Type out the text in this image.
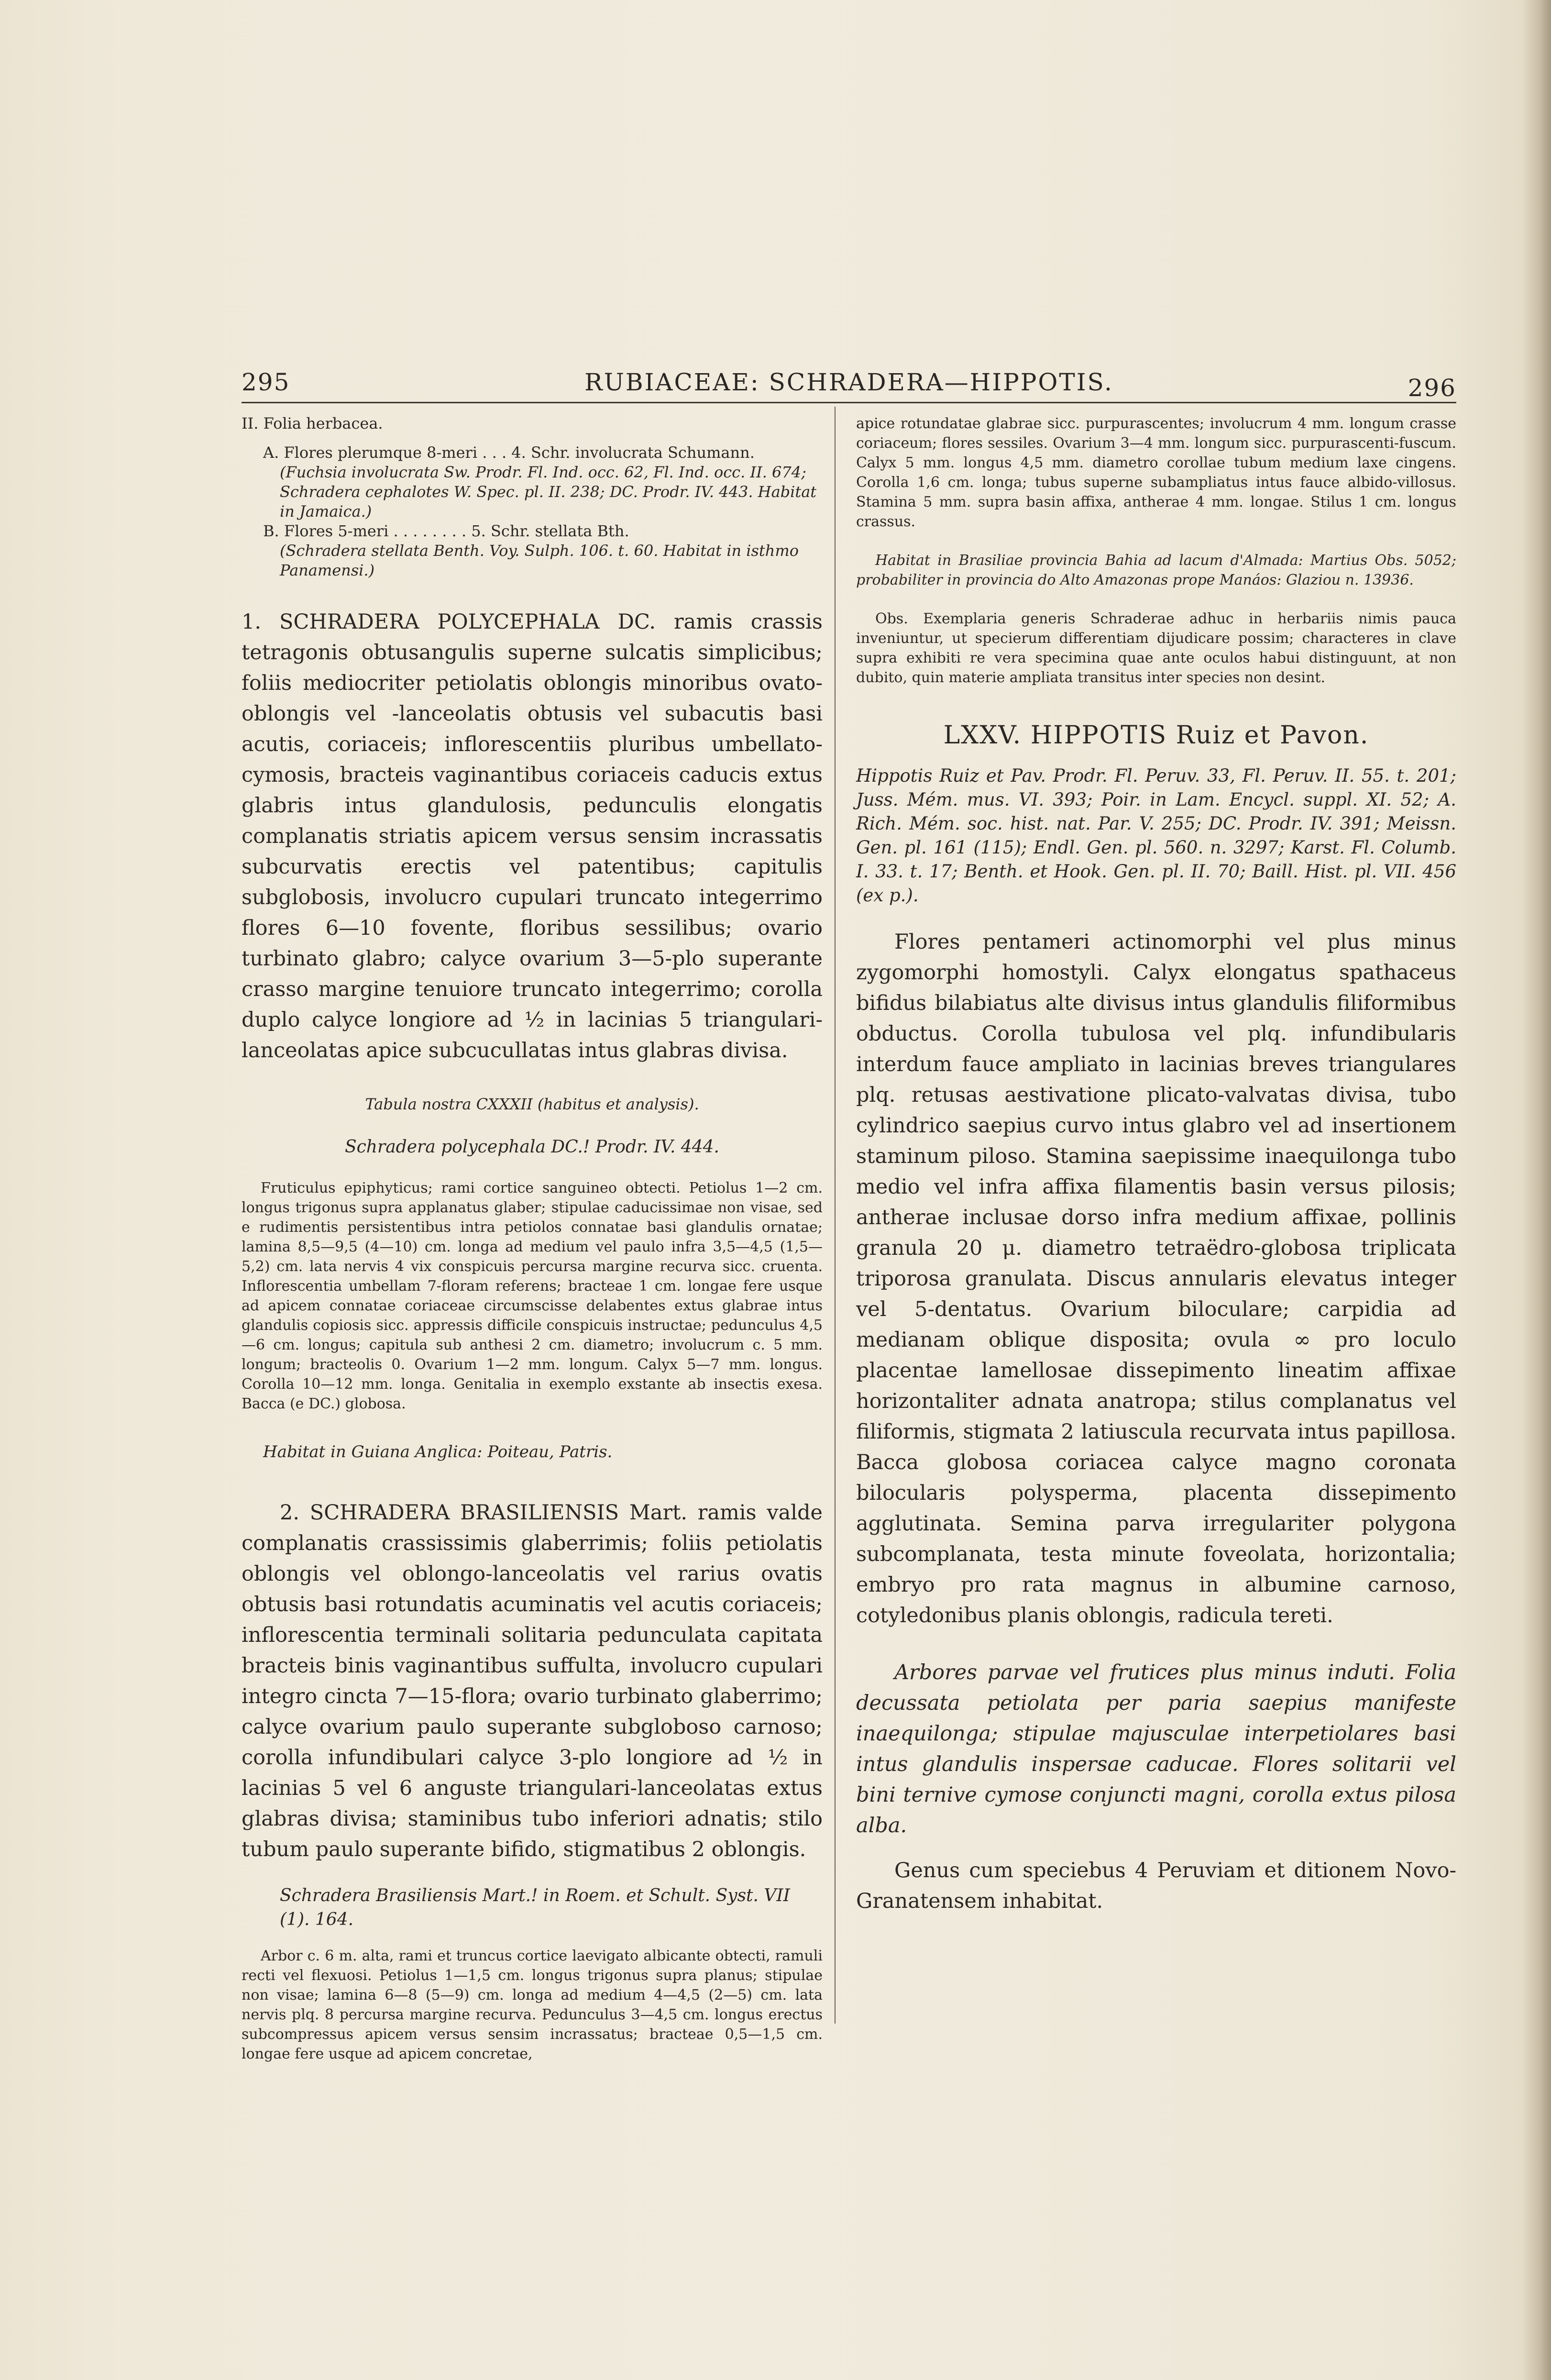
295	RUBIACEAE: SCHRADERA—HIPPOTIS.	296

II. Folia herbacea.

A. Flores plerumque 8-meri . . . 4. Schr. involucrata Schumann.

(Fuchsia involucrata Sw. Prodr. Fl. Ind. occ. 62, Fl. Ind. occ. II. 674; Schradera cephalotes W. Spec. pl. II. 238; DC. Prodr. IV. 443. Habitat in Jamaica.)

B. Flores 5-meri . . . . . . . . 5. Schr. stellata Bth.

(Schradera stellata Benth. Voy. Sulph. 106. t. 60. Habitat in isthmo Panamensi.)

1. SCHRADERA POLYCEPHALA DC. ramis crassis tetragonis obtusangulis superne sulcatis simplicibus; foliis mediocriter petiolatis oblongis minoribus ovato-oblongis vel -lanceolatis obtusis vel subacutis basi acutis, coriaceis; inflorescentiis pluribus umbellato-cymosis, bracteis vaginantibus coriaceis caducis extus glabris intus glandulosis, pedunculis elongatis complanatis striatis apicem versus sensim incrassatis subcurvatis erectis vel patentibus; capitulis subglobosis, involucro cupulari truncato integerrimo flores 6—10 fovente, floribus sessilibus; ovario turbinato glabro; calyce ovarium 3—5-plo superante crasso margine tenuiore truncato integerrimo; corolla duplo calyce longiore ad ⅟₂ in lacinias 5 triangulari-lanceolatas apice subcucullatas intus glabras divisa.

Tabula nostra CXXXII (habitus et analysis).

Schradera polycephala DC.! Prodr. IV. 444.

Fruticulus epiphyticus; rami cortice sanguineo obtecti. Petiolus 1—2 cm. longus trigonus supra applanatus glaber; stipulae caducissimae non visae, sed e rudimentis persistentibus intra petiolos connatae basi glandulis ornatae; lamina 8,5—9,5 (4—10) cm. longa ad medium vel paulo infra 3,5—4,5 (1,5—5,2) cm. lata nervis 4 vix conspicuis percursa margine recurva sicc. cruenta. Inflorescentia umbellam 7-floram referens; bracteae 1 cm. longae fere usque ad apicem connatae coriaceae circumscisse delabentes extus glabrae intus glandulis copiosis sicc. appressis difficile conspicuis instructae; pedunculus 4,5—6 cm. longus; capitula sub anthesi 2 cm. diametro; involucrum c. 5 mm. longum; bracteolis 0. Ovarium 1—2 mm. longum. Calyx 5—7 mm. longus. Corolla 10—12 mm. longa. Genitalia in exemplo exstante ab insectis exesa. Bacca (e DC.) globosa.

Habitat in Guiana Anglica: Poiteau, Patris.

2. SCHRADERA BRASILIENSIS Mart. ramis valde complanatis crassissimis glaberrimis; foliis petiolatis oblongis vel oblongo-lanceolatis vel rarius ovatis obtusis basi rotundatis acuminatis vel acutis coriaceis; inflorescentia terminali solitaria pedunculata capitata bracteis binis vaginantibus suffulta, involucro cupulari integro cincta 7—15-flora; ovario turbinato glaberrimo; calyce ovarium paulo superante subgloboso carnoso; corolla infundibulari calyce 3-plo longiore ad ⅟₂ in lacinias 5 vel 6 anguste triangulari-lanceolatas extus glabras divisa; staminibus tubo inferiori adnatis; stilo tubum paulo superante bifido, stigmatibus 2 oblongis.

Schradera Brasiliensis Mart.! in Roem. et Schult. Syst. VII (1). 164.

Arbor c. 6 m. alta, rami et truncus cortice laevigato albicante obtecti, ramuli recti vel flexuosi. Petiolus 1—1,5 cm. longus trigonus supra planus; stipulae non visae; lamina 6—8 (5—9) cm. longa ad medium 4—4,5 (2—5) cm. lata nervis plq. 8 percursa margine recurva. Pedunculus 3—4,5 cm. longus erectus subcompressus apicem versus sensim incrassatus; bracteae 0,5—1,5 cm. longae fere usque ad apicem concretae,

apice rotundatae glabrae sicc. purpurascentes; involucrum 4 mm. longum crasse coriaceum; flores sessiles. Ovarium 3—4 mm. longum sicc. purpurascenti-fuscum. Calyx 5 mm. longus 4,5 mm. diametro corollae tubum medium laxe cingens. Corolla 1,6 cm. longa; tubus superne subampliatus intus fauce albido-villosus. Stamina 5 mm. supra basin affixa, antherae 4 mm. longae. Stilus 1 cm. longus crassus.

Habitat in Brasiliae provincia Bahia ad lacum d'Almada: Martius Obs. 5052; probabiliter in provincia do Alto Amazonas prope Manáos: Glaziou n. 13936.

Obs. Exemplaria generis Schraderae adhuc in herbariis nimis pauca inveniuntur, ut specierum differentiam dijudicare possim; characteres in clave supra exhibiti re vera specimina quae ante oculos habui distinguunt, at non dubito, quin materie ampliata transitus inter species non desint.

LXXV. HIPPOTIS Ruiz et Pavon.

Hippotis Ruiz et Pav. Prodr. Fl. Peruv. 33, Fl. Peruv. II. 55. t. 201; Juss. Mém. mus. VI. 393; Poir. in Lam. Encycl. suppl. XI. 52; A. Rich. Mém. soc. hist. nat. Par. V. 255; DC. Prodr. IV. 391; Meissn. Gen. pl. 161 (115); Endl. Gen. pl. 560. n. 3297; Karst. Fl. Columb. I. 33. t. 17; Benth. et Hook. Gen. pl. II. 70; Baill. Hist. pl. VII. 456 (ex p.).

Flores pentameri actinomorphi vel plus minus zygomorphi homostyli. Calyx elongatus spathaceus bifidus bilabiatus alte divisus intus glandulis filiformibus obductus. Corolla tubulosa vel plq. infundibularis interdum fauce ampliato in lacinias breves triangulares plq. retusas aestivatione plicato-valvatas divisa, tubo cylindrico saepius curvo intus glabro vel ad insertionem staminum piloso. Stamina saepissime inaequilonga tubo medio vel infra affixa filamentis basin versus pilosis; antherae inclusae dorso infra medium affixae, pollinis granula 20 μ. diametro tetraëdro-globosa triplicata triporosa granulata. Discus annularis elevatus integer vel 5-dentatus. Ovarium biloculare; carpidia ad medianam oblique disposita; ovula ∞ pro loculo placentae lamellosae dissepimento lineatim affixae horizontaliter adnata anatropa; stilus complanatus vel filiformis, stigmata 2 latiuscula recurvata intus papillosa. Bacca globosa coriacea calyce magno coronata bilocularis polysperma, placenta dissepimento agglutinata. Semina parva irregulariter polygona subcomplanata, testa minute foveolata, horizontalia; embryo pro rata magnus in albumine carnoso, cotyledonibus planis oblongis, radicula tereti.

Arbores parvae vel frutices plus minus induti. Folia decussata petiolata per paria saepius manifeste inaequilonga; stipulae majusculae interpetiolares basi intus glandulis inspersae caducae. Flores solitarii vel bini ternive cymose conjuncti magni, corolla extus pilosa alba.

Genus cum speciebus 4 Peruviam et ditionem Novo-Granatensem inhabitat.
